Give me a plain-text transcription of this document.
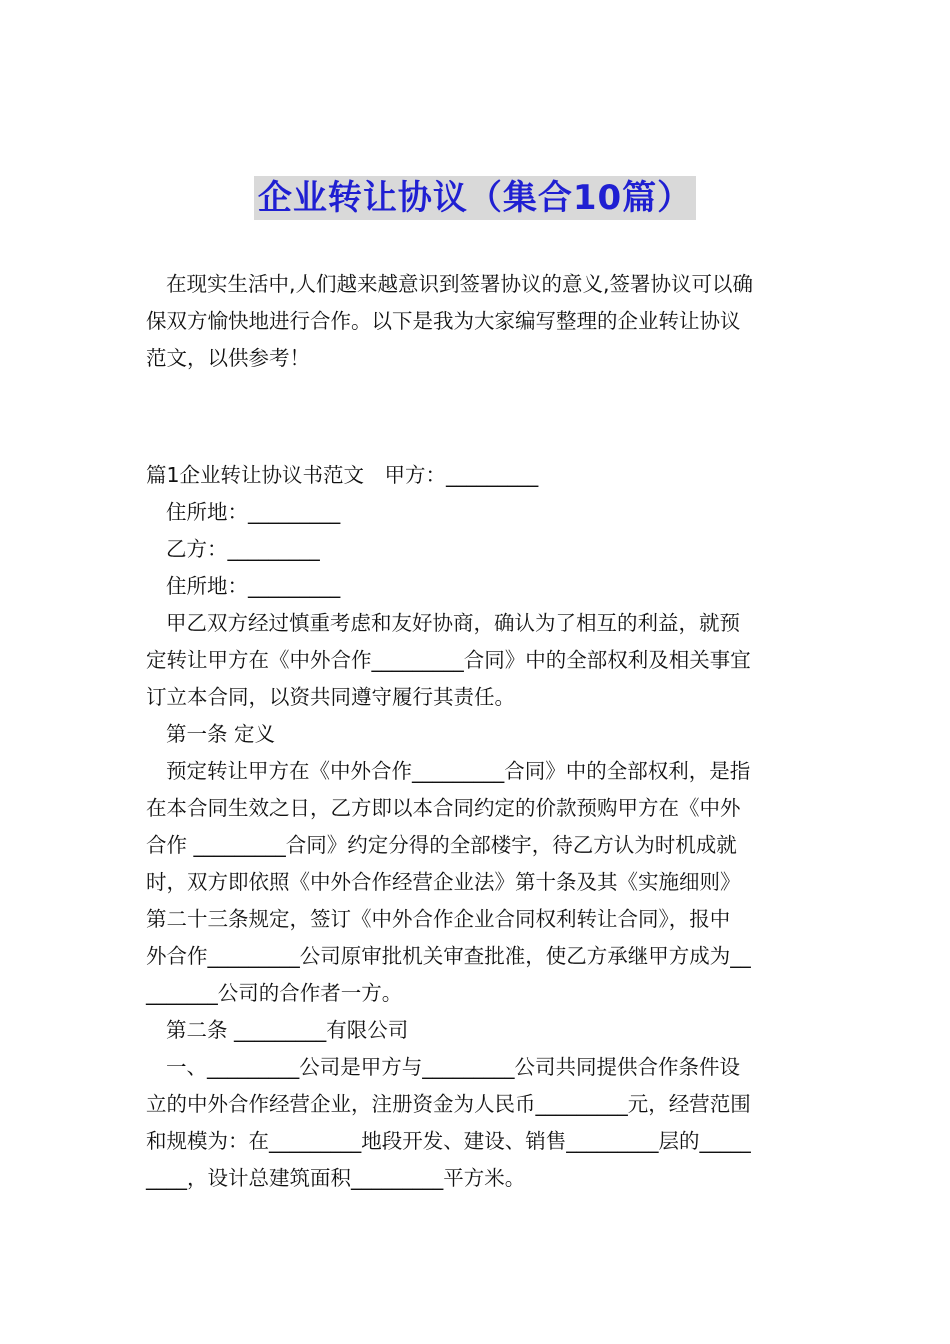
企业转让协议（集合10篇）

在现实生活中,人们越来越意识到签署协议的意义,签署协议可以确

保双方愉快地进行合作。以下是我为大家编写整理的企业转让协议

范文，以供参考！

篇1企业转让协议书范文　甲方：_________

住所地：_________

乙方：_________

住所地：_________

甲乙双方经过慎重考虑和友好协商，确认为了相互的利益，就预

定转让甲方在《中外合作_________合同》中的全部权利及相关事宜

订立本合同，以资共同遵守履行其责任。

第一条 定义

预定转让甲方在《中外合作_________合同》中的全部权利，是指

在本合同生效之日，乙方即以本合同约定的价款预购甲方在《中外

合作 _________合同》约定分得的全部楼宇，待乙方认为时机成就

时，双方即依照《中外合作经营企业法》第十条及其《实施细则》

第二十三条规定，签订《中外合作企业合同权利转让合同》，报中

外合作_________公司原审批机关审查批准，使乙方承继甲方成为__

_______公司的合作者一方。

第二条 _________有限公司

一、_________公司是甲方与_________公司共同提供合作条件设

立的中外合作经营企业，注册资金为人民币_________元，经营范围

和规模为：在_________地段开发、建设、销售_________层的_____

____，设计总建筑面积_________平方米。
